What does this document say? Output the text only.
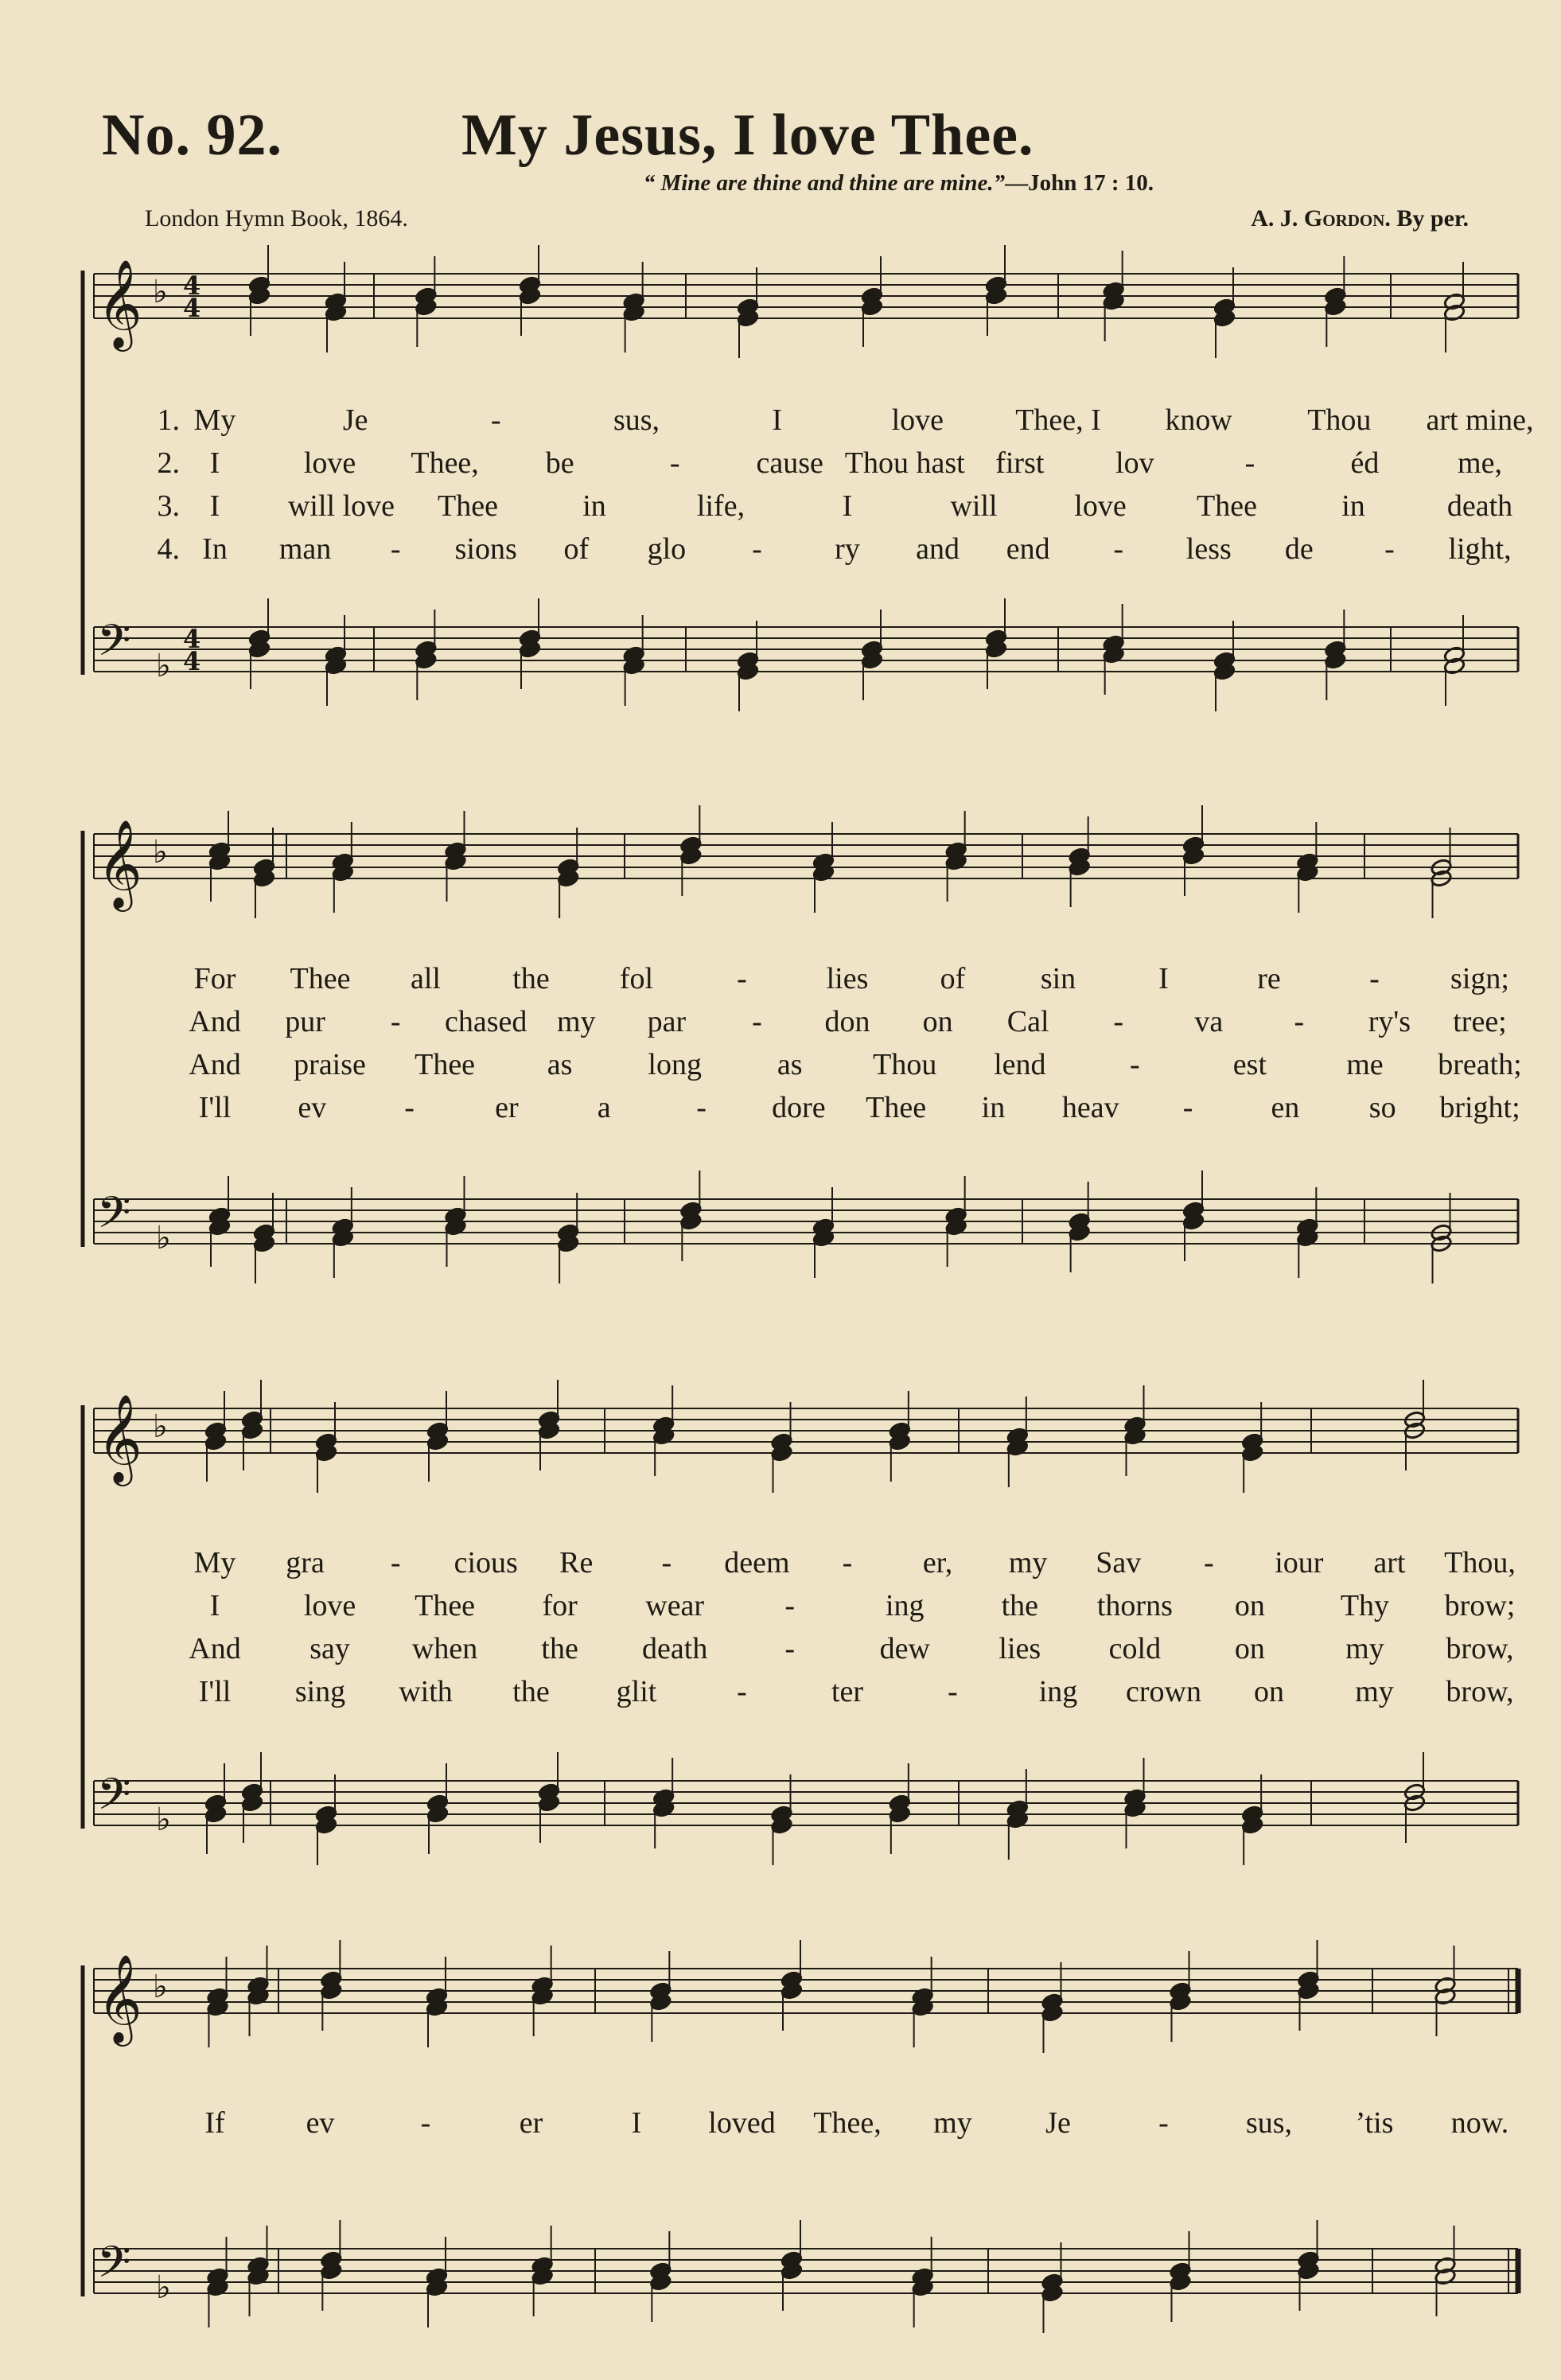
No. 92.	My Jesus, I love Thee.
“ Mine are thine and thine are mine.”—John 17 : 10.
London Hymn Book, 1864.	A. J. Gordon. By per.
𝄞 ♭ 4
4
𝄢 ♭
4
4
𝄞 ♭
𝄢 ♭
𝄞 ♭
𝄢 ♭
𝄞 ♭
𝄢 ♭
1. My	Je	-	sus,	I	love Thee, I know Thou art mine,
2. I	love Thee, be	-	cause Thou hast first lov	-	éd	me,
3. I will love Thee	in	life,	I	will	love Thee	in	death
4. In man - sions of glo - ry and end - less de - light,
For Thee all the fol	-	lies of sin	I	re	- sign;
And pur - chased my par - don on Cal - va - ry's tree;
And praise Thee as long as Thou lend	-	est	me breath;
I'll ev	-	er	a	- dore Thee in heav -	en so bright;
My gra - cious Re - deem - er, my Sav - iour art Thou,
I	love Thee for wear	-	ing	the thorns on Thy brow;
And say when the death	-	dew lies cold on	my brow,
I'll sing with the glit	-	ter	-	ing crown on my brow,
If	ev	-	er	I loved Thee, my Je	-	sus, ’tis now.
